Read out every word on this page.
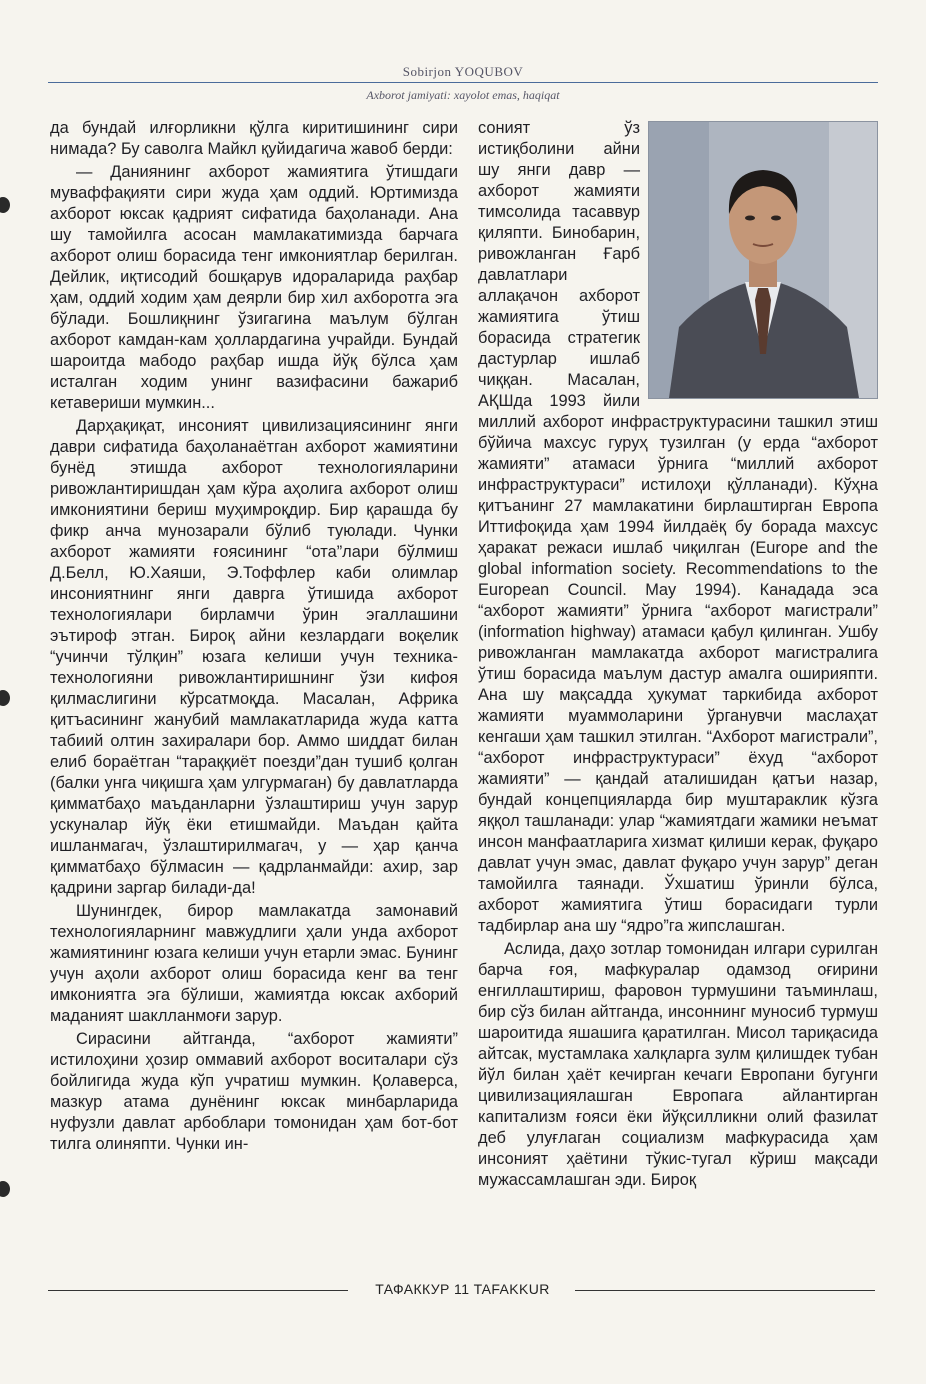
Sobirjon YOQUBOV
Axborot jamiyati: xayolot emas, haqiqat

да бундай илғорликни қўлга киритишининг сири нимада? Бу саволга Майкл қуйидагича жавоб берди:

— Даниянинг ахборот жамиятига ўтишдаги муваффақияти сири жуда ҳам оддий. Юртимизда ахборот юксак қадрият сифатида баҳоланади. Ана шу тамойилга асосан мамлакатимизда барчага ахборот олиш борасида тенг имкониятлар берилган. Дейлик, иқтисодий бошқарув идораларида раҳбар ҳам, оддий ходим ҳам деярли бир хил ахборотга эга бўлади. Бошлиқнинг ўзигагина маълум бўлган ахборот камдан-кам ҳоллардагина учрайди. Бундай шароитда мабодо раҳбар ишда йўқ бўлса ҳам исталган ходим унинг вазифасини бажариб кетавериши мумкин...

Дарҳақиқат, инсоният цивилизациясининг янги даври сифатида баҳоланаётган ахборот жамиятини бунёд этишда ахборот технологияларини ривожлантиришдан ҳам кўра аҳолига ахборот олиш имкониятини бериш муҳимроқдир. Бир қарашда бу фикр анча мунозарали бўлиб туюлади. Чунки ахборот жамияти ғоясининг “ота”лари бўлмиш Д.Белл, Ю.Хаяши, Э.Тоффлер каби олимлар инсониятнинг янги даврга ўтишида ахборот технологиялари бирламчи ўрин эгаллашини эътироф этган. Бироқ айни кезлардаги воқелик “учинчи тўлқин” юзага келиши учун техника-технологияни ривожлантиришнинг ўзи кифоя қилмаслигини кўрсатмоқда. Масалан, Африка қитъасининг жанубий мамлакатларида жуда катта табиий олтин захиралари бор. Аммо шиддат билан елиб бораётган “тараққиёт поезди”дан тушиб қолган (балки унга чиқишга ҳам улгурмаган) бу давлатларда қимматбаҳо маъданларни ўзлаштириш учун зарур ускуналар йўқ ёки етишмайди. Маъдан қайта ишланмагач, ўзлаштирилмагач, у — ҳар қанча қимматбаҳо бўлмасин — қадрланмайди: ахир, зар қадрини заргар билади-да!

Шунингдек, бирор мамлакатда замонавий технологияларнинг мавжудлиги ҳали унда ахборот жамиятининг юзага келиши учун етарли эмас. Бунинг учун аҳоли ахборот олиш борасида кенг ва тенг имкониятга эга бўлиши, жамиятда юксак ахборий маданият шаклланмоғи зарур.

Сирасини айтганда, “ахборот жамияти” истилоҳини ҳозир оммавий ахборот воситалари сўз бойлигида жуда кўп учратиш мумкин. Қолаверса, мазкур атама дунёнинг юксак минбарларида нуфузли давлат арбоблари томонидан ҳам бот-бот тилга олиняпти. Чунки ин-

соният ўз истиқболини айни шу янги давр — ахборот жамияти тимсолида тасаввур қиляпти. Бинобарин, ривожланган Ғарб давлатлари аллақачон ахборот жамиятига ўтиш борасида стратегик дастурлар ишлаб чиққан. Масалан, АҚШда 1993 йили миллий ахборот инфраструктурасини ташкил этиш бўйича махсус гуруҳ тузилган (у ерда “ахборот жамияти” атамаси ўрнига “миллий ахборот инфраструктураси” истилоҳи қўлланади). Кўҳна қитъанинг 27 мамлакатини бирлаштирган Европа Иттифоқида ҳам 1994 йилдаёқ бу борада махсус ҳаракат режаси ишлаб чиқилган (Europe and the global information society. Recommendations to the European Council. May 1994). Канадада эса “ахборот жамияти” ўрнига “ахборот магистрали” (information highway) атамаси қабул қилинган. Ушбу ривожланган мамлакатда ахборот магистралига ўтиш борасида маълум дастур амалга оширияпти. Ана шу мақсадда ҳукумат таркибида ахборот жамияти муаммоларини ўрганувчи маслаҳат кенгаши ҳам ташкил этилган. “Ахборот магистрали”, “ахборот инфраструктураси” ёхуд “ахборот жамияти” — қандай аталишидан қатъи назар, бундай концепцияларда бир муштараклик кўзга яққол ташланади: улар “жамиятдаги жамики неъмат инсон манфаатларига хизмат қилиши керак, фуқаро давлат учун эмас, давлат фуқаро учун зарур” деган тамойилга таянади. Ўхшатиш ўринли бўлса, ахборот жамиятига ўтиш борасидаги турли тадбирлар ана шу “ядро”га жипслашган.

Аслида, даҳо зотлар томонидан илгари сурилган барча ғоя, мафкуралар одамзод оғирини енгиллаштириш, фаровон турмушини таъминлаш, бир сўз билан айтганда, инсоннинг муносиб турмуш шароитида яшашига қаратилган. Мисол тариқасида айтсак, мустамлака халқларга зулм қилишдек тубан йўл билан ҳаёт кечирган кечаги Европани бугунги цивилизациялашган Европага айлантирган капитализм ғояси ёки йўқсилликни олий фазилат деб улуғлаган социализм мафкурасида ҳам инсоният ҳаётини тўкис-тугал кўриш мақсади мужассамлашган эди. Бироқ

ТАФАККУР 11 TAFAKKUR
